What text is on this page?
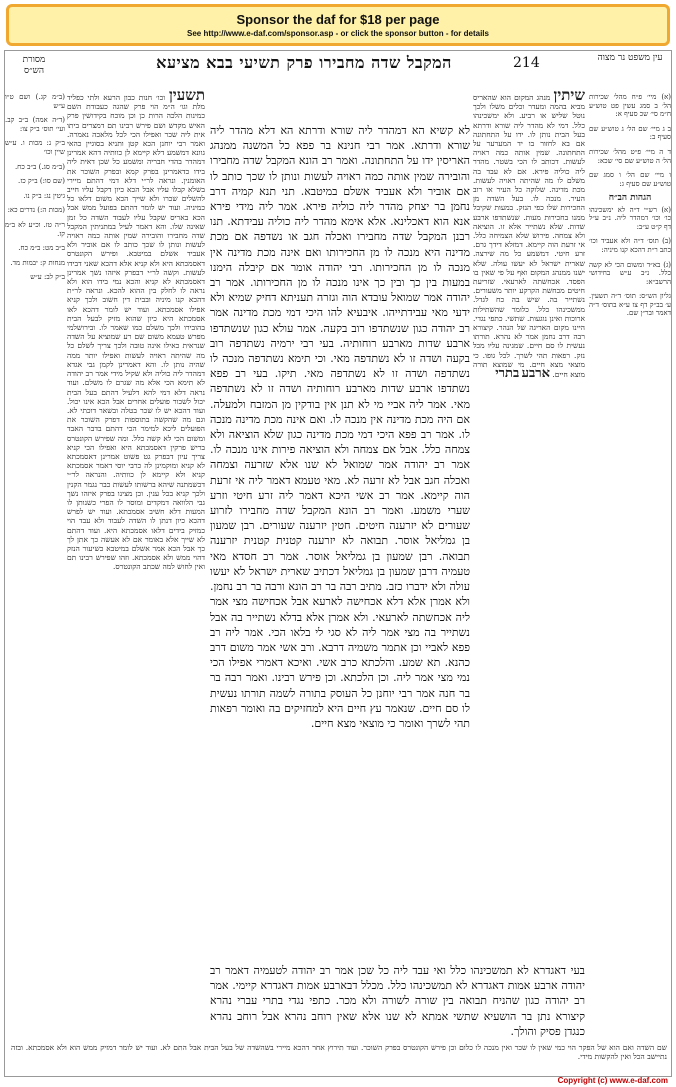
Sponsor the daf for $18 per page
See http://www.e-daf.com/sponsor.asp - or click the sponsor button - for details
מסורת הש״ס	המקבל שדה מחבירו פרק תשיעי בבא מציעא	214	עין משפט נר מצוה
(ב״מ קג.) ושם ט״ו ע״ש
(ד״ה אמה) ב״ב קב. ועי׳ תוס׳ ב״ק צו:
ב״ק נ: מכות ו. ע״ש שיין וכו׳
(ב״מ סג.) ב״ב כח.
(שם סו:) ב״ק כז.
גיטין נג: ב״ק נו.
(מכות ה:) נדרים כא:
ר״ה טז. וכ״ע לא ב״מ קז.
ב״ב מט: ב״מ כח.
מנחות ק: יבמות מד.
ב״ק לב: ע״ש
תשעין וכו׳ חנות כבון הרעא ולתי כפליד מלת וגו׳ ה״מ הוי פרק שהגה כעבודת השם כמינות הלכה הרות כן וכן מוכח בקידושין פרק האיש מקדש ושם פירש רבינו תם דמצרים ביתו אית ליה שכר ואפילו הכי לכל מלאכה נאמרה. ואמר רבי יוחנן הכא קטן ותניא בסוגיין כהאי גוונא דמשמע דלא קיימא לן כוותיה דהא אמרינן דמהדר בהדי חבריה ומשמע כל שכן דאית ליה בידו כדאמרינן בפרק קמא ובפרק השוכר את האומנין. ונראה לר״י דלא דמי דהתם מיירי בשלא קבלו עליו אבל הכא כיון דקבל עליו חייב להשלים שכרו ולא שייך הכא משום דלאו כל כמיניה. ועוד יש לומר דהתם בפועל ממש אבל הכא באריס שקבל עליו לעבוד השדה כל זמן שאינה שלו. והא דאמר לעיל במתניתין המקבל שדה מחבירו והובירה שמין אותה כמה ראויה לעשות ונותן לו שכך כותב לו אם אוביר ולא אעביד אשלם במיטבא. ופירש הקונטרס דאסמכתא היא ולא קניא אלא דהכא שאני דבידו לעשות. וקשה לר״י דבפרק איזהו נשך אמרינן דאסמכתא לא קניא והכא נמי בידו הוא ולא נראה לו לחלק בין ההוא להכא. ונראה לר״ת דהכא קנו מיניה ובבית דין חשוב ולכך קניא אפילו אסמכתא. ועוד יש לומר דהכא לאו אסמכתא היא כיון שהוא מזיק לבעל הבית בהובירו ולכך משלם כמו שאמר לו. ובירושלמי מפרש טעמא משום שם רע שמוציא על השדה שנראית כאילו אינה טובה ולכך צריך לשלם כל מה שהיתה ראויה לעשות ואפילו יותר ממה שהיה נותן לו. והא דאמרינן לקמן גבי אגדא דמהדר ליה כוליה ולא שקיל מידי אמר רב יהודה לא תימא הכי אלא מה שגרם לו משלם. ועוד נראה דלא דמי להא דלעיל דהתם בעל הבית יכול לשכור פועלים אחרים אבל הכא אינו יכול. ועוד דהכא יש לו שכר בטלה ובשאר דוכתי לא. וגם מה שהקשה בתוספות דפרק השוכר את הפועלים ליכא למימר הכי דהתם בדבר האבד ומשום הכי לא קשה כלל. ומה שפירש הקונטרס בריש פרקין דאסמכתא היא ואפילו הכי קניא צריך עיון דבפרק גט פשוט אמרינן דאסמכתא לא קניא ומוקמינן לה כרבי יוסי דאמר אסמכתא קניא ולא קיימא לן כוותיה. והנראה לר״י דכשמתנה שיהא ברשותו לעשות כבר נגמר הקנין ולכך קניא בכל ענין. וכן מצינו בפרק איזהו נשך גבי הלוואה דמקדים ומוסר לו הפרי כשנותן לו המעות דלא חשיב אסמכתא. ועוד יש לפרש דהכא כיון דנתן לו השדה לעבוד ולא עבד הוי כמזיק בידים דלאו אסמכתא היא. ועוד דהתם לא שייך אלא באומר אם לא אעשה כך אתן לך כך אבל הכא אמר אשלם במיטבא כשיעור הנזק דהוי ממש ולא אסמכתא. וזהו שפירש רבינו תם ואין לחוש למה שכתב הקונטרס.
לא קשיא הא דמהדר ליה שורא ודרתא הא דלא מהדר ליה שורא ודרתא. אמר רבי חנינא בר פפא כל המשנה ממנהג האריסין ידו על התחתונה. ואמר רב הונא המקבל שדה מחבירו והובירה שמין אותה כמה ראויה לעשות ונותן לו שכך כותב לו אם אוביר ולא אעביד אשלם במיטבא. תני תנא קמיה דרב נחמן בר יצחק מהדר ליה כוליה פירא. אמר ליה מידי פירא אנא הוא דאכלינא. אלא אימא מהדר ליה כוליה עבידתא. תנו רבנן המקבל שדה מחבירו ואכלה חגב או נשדפה אם מכת מדינה היא מנכה לו מן החכירותו ואם אינה מכת מדינה אין מנכה לו מן החכירותו. רבי יהודה אומר אם קיבלה הימנו במעות בין כך ובין כך אינו מנכה לו מן החכירותו. אמר רב יהודה אמר שמואל עובדא הוה וגזרה תעניתא דחיק שמיא ולא ידעי מאי עבידתייהו. איבעיא להו היכי דמי מכת מדינה אמר רב יהודה כגון שנשתדפו רוב בקעה. אמר עולא כגון שנשתדפו ארבע שדות מארבע רוחותיה. בעי רבי ירמיה נשתדפה רוב בקעה ושדה זו לא נשתדפה מאי. וכי תימא נשתדפה מנכה לו נשתדפה ושדה זו לא נשתדפה מאי. תיקו. בעי רב פפא נשתדפו ארבע שדות מארבע רוחותיה ושדה זו לא נשתדפה מאי. אמר ליה אביי מי לא תנן אין בודקין מן המזבח ולמעלה. אם היה מכת מדינה אין מנכה לו. ואם אינה מכת מדינה מנכה לו. אמר רב פפא היכי דמי מכת מדינה כגון שלא הוציאה ולא צמחה כלל. אבל אם צמחה ולא הוציאה פירות אינו מנכה לו. אמר רב יהודה אמר שמואל לא שנו אלא שזרעה וצמחה ואכלה חגב אבל לא זרעה לא. מאי טעמא דאמר ליה אי זרעת הוה קיימא. אמר רב אשי היכא דאמר ליה זרע חיטי וזרע שערי משמע. ואמר רב הונא המקבל שדה מחבירו לזרוע שעורים לא יזרענה חיטים. חטין יזרענה שעורים. רבן שמעון בן גמליאל אוסר. תבואה לא יזרענה קטנית קטנית יזרענה תבואה. רבן שמעון בן גמליאל אוסר. אמר רב חסדא מאי טעמיה דרבן שמעון בן גמליאל דכתיב שארית ישראל לא יעשו עולה ולא ידברו כזב. מתיב רבה בר רב הונא ורבה בר רב נחמן. ולא אמרן אלא דלא אכחישה לארעא אבל אכחישה מצי אמר ליה אכחשתה לארעאי. ולא אמרן אלא בדלא נשתייר בה אבל נשתייר בה מצי אמר ליה לא סגי לי בלאו הכי. אמר ליה רב פפא לאביי וכן אתמר משמיה דרבא. ורב אשי אמר משום דרב כהנא. תא שמע. והלכתא כרב אשי. ואיכא דאמרי אפילו הכי נמי מצי אמר ליה. וכן הלכתא. וכן פירש רבינו. ואמר רבה בר בר חנה אמר רבי יוחנן כל העוסק בתורה לשמה תורתו נעשית לו סם חיים. שנאמר עץ חיים היא למחזיקים בה ואומר רפאות תהי לשרך ואומר כי מוצאי מצא חיים.
שיתין מנהג המקום הוא שהאריס מביא בהמה ומעדר וכלים משלו ולכך נוטל שליש או רביע. ולא ימשכינהו כלל. דמי לא מהדר ליה שורא ודרתא בעל הבית נותן לו. ידו על התחתונה אם בא לחזור בו יד המערער על התחתונה. שמין אותה כמה ראויה לעשות. דכותב לו הכי בשטר. מהדר ליה כוליה פירא. אם לא עבד בה משלם לו מה שהיתה ראויה לעשות. מכת מדינה. שלוקה כל העיר או רוב העיר. מנכה לו. בעל השדה מן החכירות שלו כפי הנזק. במעות שקיבל ממנו בחכירות מעות. שנשתדפו ארבע שדות. שלא נשתייר אלא זו. הוציאה ולא צמחה. פירוש שלא הצמיחה כלל. אי זרעת הוה קיימא. דמזלא דידך גרם. זרע חיטי. דמשמע כל מה שירצה. שארית ישראל לא יעשו עולה. שלא ישנו ממנהג המקום ואף על פי שאין בו הפסד. אכחשתה לארעאי. שזריעת חיטים מכחשת הקרקע יותר משעורים. נשתייר בה. שיש בה כח לגדל. ממשכינהו כלל. כלומר שהשתילות ארוכות ואינן נוגעות. שתשי. כתפי נגדי. היינו מקום האריגה של הנהר. קיצורא רבה דרב נחמן אמר לא נהרא. תורתו נעשית לו סם חיים. שמגינה עליו מכל נזק. רפאות תהי לשרך. לכל גופו. כי מוצאי מצא חיים. מי שמוצא תורה מוצא חיים. ארבע בתרי
(א) מיי׳ פ״ח מהל׳ שכירות הל׳ ב סמג עשין פט טוש״ע ח״מ סי׳ שכ סעיף א:
ב ג מיי׳ שם הל׳ ג טוש״ע שם סעיף ב:
ד ה מיי׳ פ״ט מהל׳ שכירות הל׳ ה טוש״ע שם סי׳ שכא:
ו מיי׳ שם הל׳ ו סמג שם טוש״ע שם סעיף ג:
הגהות הב״ח
(א) רש״י ד״ה לא ימשכינהו כו׳ וכו׳ דמהדר ליה. נ״ב ע״ל דף ק״ט ע״ב:
(ב) תוס׳ ד״ה ולא אעביד וכו׳ כתב ר״ת דהכא קנו מיניה:
(ג) בא״ד ומשום הכי לא קשה כלל. נ״ב ע״ש בחידושי הרשב״א:
גליון הש״ס: תוס׳ ד״ה תשעין. ע׳ בב״ק דף צז ע״א בתוס׳ ד״ה דאמר ובר״ן שם.
בעי דאגדרא לא תמשכינהו כלל ואי עבד ליה כל שכן אמר רב יהודה לטעמיה דאמר רב יהודה ארבע אמות דאגדרא לא תמשכינהו כלל. מכלל דבארבע אמות דאגדרא קיימי. אמר רב יהודה כגון שהניח תבואה בין שורה לשורה ולא מכר. כתפי נגדי בתרי עברי נהרא קיצורא נתן בר הושעיא שתשי אמתא לא שנו אלא שאין רוחב נהרא אבל רוחב נהרא כנגדן פסיק והולך.
שם השדה ואם הוא של הפקר הוי כמי שאין לו שכר ואין מנכה לו כלום וכן פירש הקונטרס בפרק השוכר. ועוד תירוץ אחר דהכא מיירי בשהשדה של בעל הבית אבל התם לא. ועוד יש לומר דמזיק ממש הוא ולא אסמכתא. ובזה נתיישב הכל ואין להקשות מידי.
Copyright (c) www.e-daf.com
